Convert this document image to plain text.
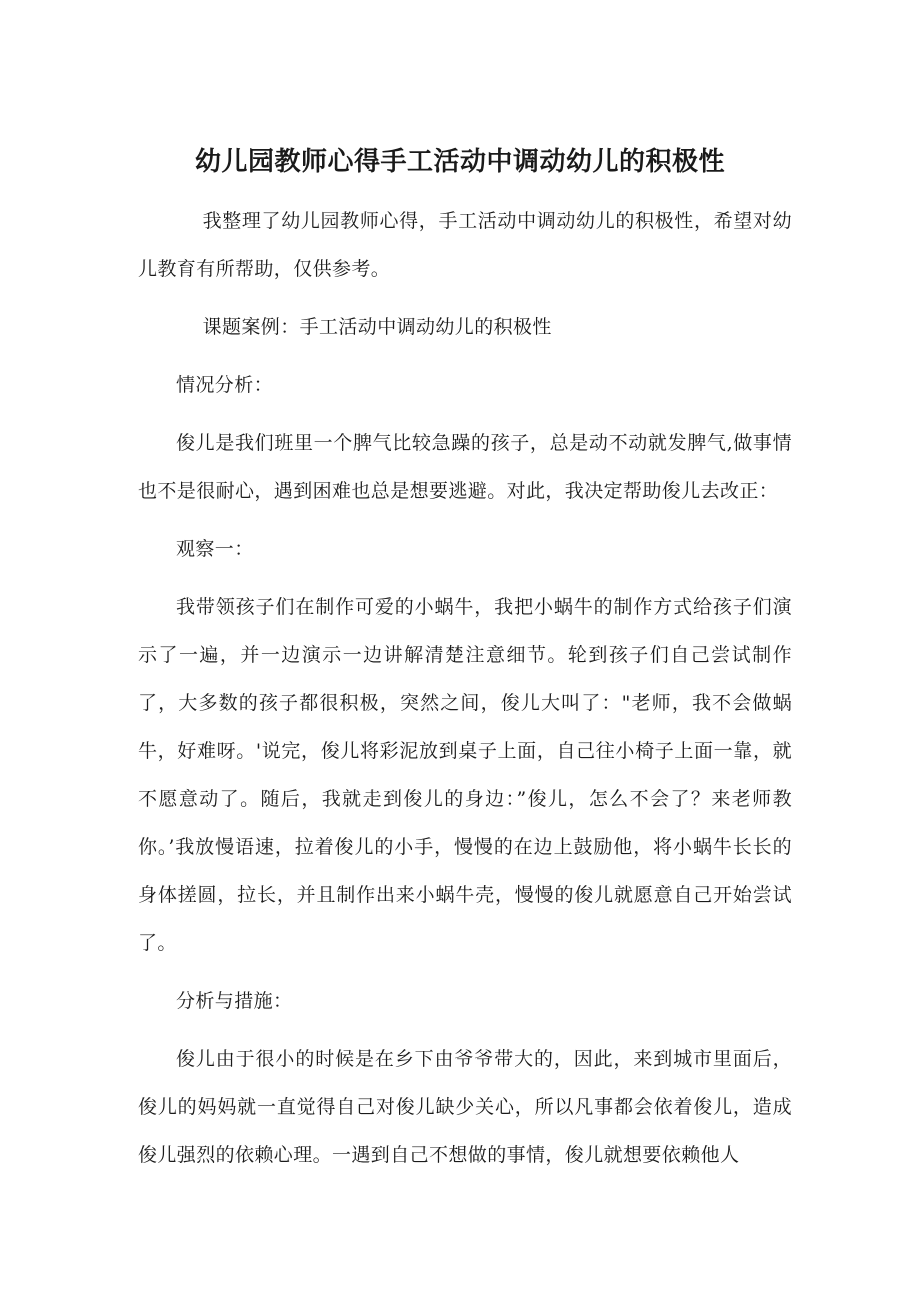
幼儿园教师心得手工活动中调动幼儿的积极性

我整理了幼儿园教师心得，手工活动中调动幼儿的积极性，希望对幼儿教育有所帮助，仅供参考。

课题案例：手工活动中调动幼儿的积极性

情况分析：

俊儿是我们班里一个脾气比较急躁的孩子，总是动不动就发脾气,做事情也不是很耐心，遇到困难也总是想要逃避。对此，我决定帮助俊儿去改正：

观察一：

我带领孩子们在制作可爱的小蜗牛，我把小蜗牛的制作方式给孩子们演示了一遍，并一边演示一边讲解清楚注意细节。轮到孩子们自己尝试制作了，大多数的孩子都很积极，突然之间，俊儿大叫了："老师，我不会做蜗牛，好难呀。'说完，俊儿将彩泥放到桌子上面，自己往小椅子上面一靠，就不愿意动了。随后，我就走到俊儿的身边：”俊儿，怎么不会了？来老师教你。’我放慢语速，拉着俊儿的小手，慢慢的在边上鼓励他，将小蜗牛长长的身体搓圆，拉长，并且制作出来小蜗牛壳，慢慢的俊儿就愿意自己开始尝试了。

分析与措施：

俊儿由于很小的时候是在乡下由爷爷带大的，因此，来到城市里面后，俊儿的妈妈就一直觉得自己对俊儿缺少关心，所以凡事都会依着俊儿，造成俊儿强烈的依赖心理。一遇到自己不想做的事情，俊儿就想要依赖他人
